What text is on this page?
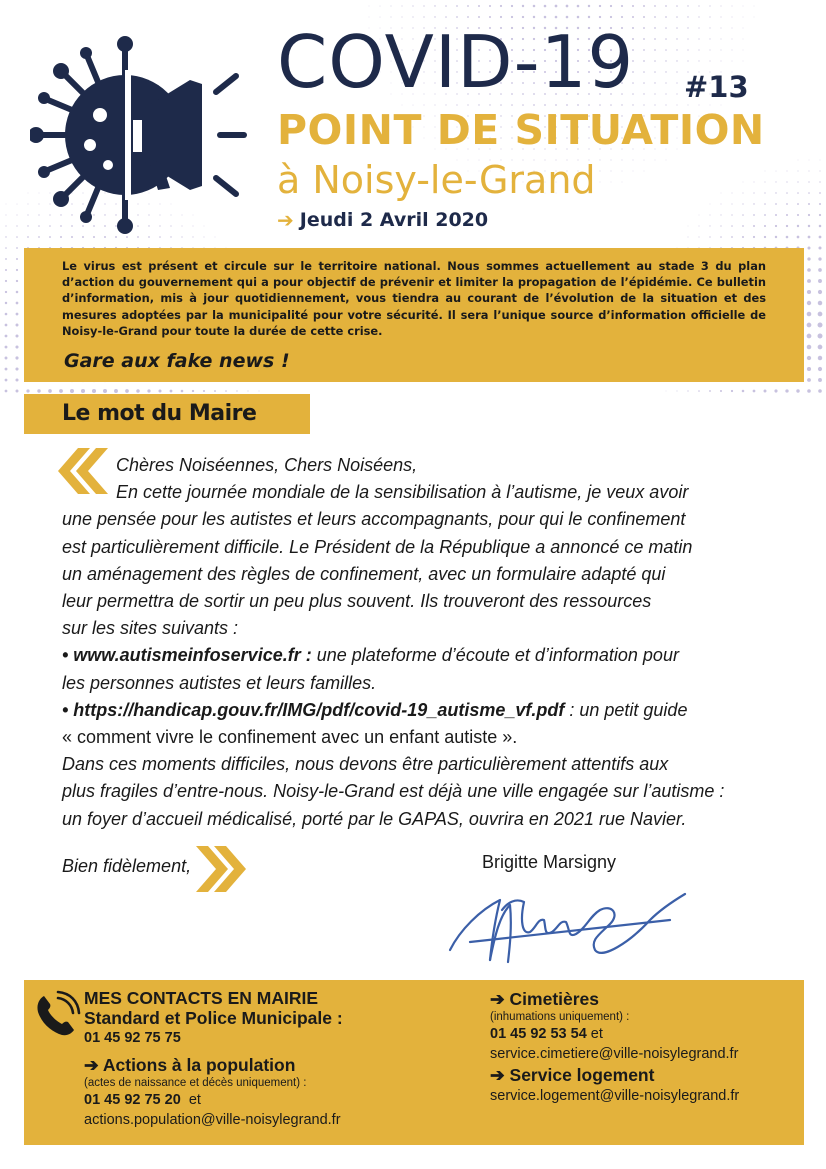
COVID-19 #13
POINT DE SITUATION
à Noisy-le-Grand
➔ Jeudi 2 Avril 2020

Le virus est présent et circule sur le territoire national. Nous sommes actuellement au stade 3 du plan d’action du gouvernement qui a pour objectif de prévenir et limiter la propagation de l’épidémie. Ce bulletin d’information, mis à jour quotidiennement, vous tiendra au courant de l’évolution de la situation et des mesures adoptées par la municipalité pour votre sécurité. Il sera l’unique source d’information officielle de Noisy-le-Grand pour toute la durée de cette crise.

Gare aux fake news !
Le mot du Maire
Chères Noiséennes, Chers Noiséens,
En cette journée mondiale de la sensibilisation à l’autisme, je veux avoir
une pensée pour les autistes et leurs accompagnants, pour qui le confinement
est particulièrement difficile. Le Président de la République a annoncé ce matin
un aménagement des règles de confinement, avec un formulaire adapté qui
leur permettra de sortir un peu plus souvent. Ils trouveront des ressources
sur les sites suivants :
• www.autismeinfoservice.fr : une plateforme d’écoute et d’information pour
les personnes autistes et leurs familles.
• https://handicap.gouv.fr/IMG/pdf/covid-19_autisme_vf.pdf : un petit guide
« comment vivre le confinement avec un enfant autiste ».
Dans ces moments difficiles, nous devons être particulièrement attentifs aux
plus fragiles d’entre-nous. Noisy-le-Grand est déjà une ville engagée sur l’autisme :
un foyer d’accueil médicalisé, porté par le GAPAS, ouvrira en 2021 rue Navier.
Bien fidèlement,	Brigitte Marsigny
MES CONTACTS EN MAIRIE
Standard et Police Municipale :
01 45 92 75 75
➔ Actions à la population
(actes de naissance et décès uniquement) :
01 45 92 75 20  et
actions.population@ville-noisylegrand.fr
➔ Cimetières
(inhumations uniquement) :
01 45 92 53 54 et
service.cimetiere@ville-noisylegrand.fr
➔ Service logement
service.logement@ville-noisylegrand.fr
